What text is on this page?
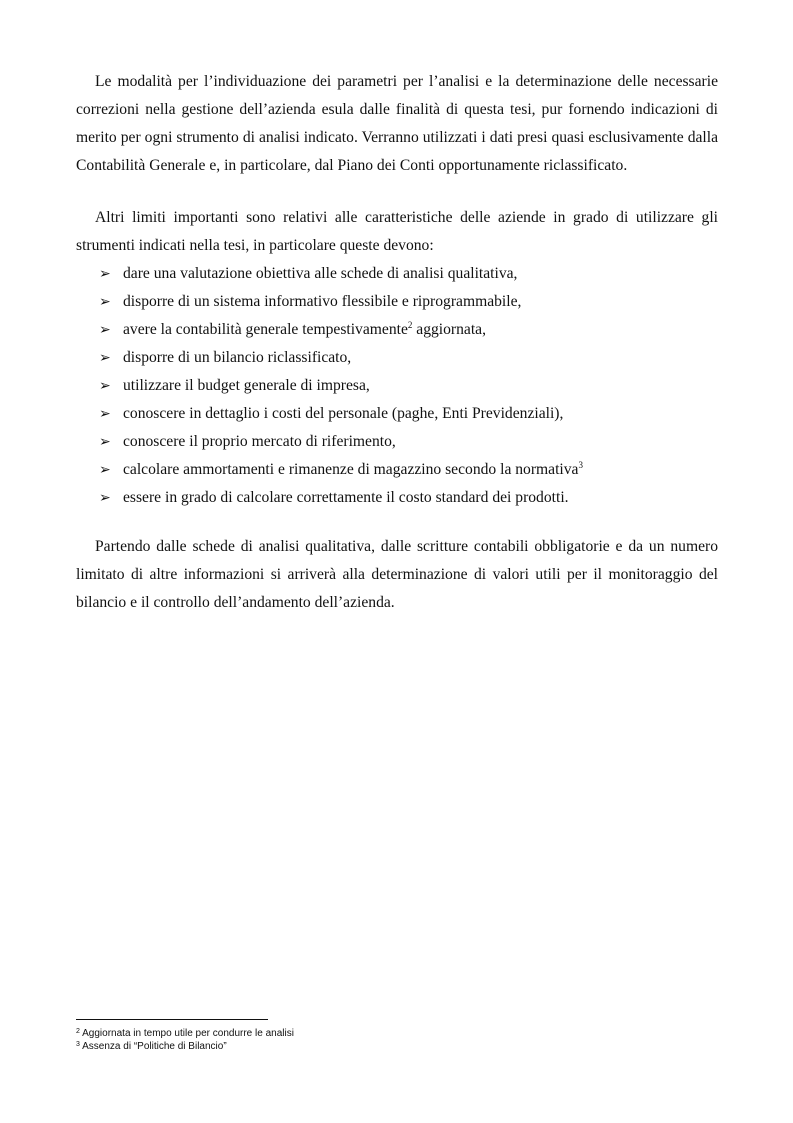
Le modalità per l’individuazione dei parametri per l’analisi e la determinazione delle necessarie correzioni nella gestione dell’azienda esula dalle finalità di questa tesi, pur fornendo indicazioni di merito per ogni strumento di analisi indicato. Verranno utilizzati i dati presi quasi esclusivamente dalla Contabilità Generale e, in particolare, dal Piano dei Conti opportunamente riclassificato.

Altri limiti importanti sono relativi alle caratteristiche delle aziende in grado di utilizzare gli strumenti indicati nella tesi, in particolare queste devono:

➢ dare una valutazione obiettiva alle schede di analisi qualitativa,
➢ disporre di un sistema informativo flessibile e riprogrammabile,
➢ avere la contabilità generale tempestivamente$^2$ aggiornata,
➢ disporre di un bilancio riclassificato,
➢ utilizzare il budget generale di impresa,
➢ conoscere in dettaglio i costi del personale (paghe, Enti Previdenziali),
➢ conoscere il proprio mercato di riferimento,
➢ calcolare ammortamenti e rimanenze di magazzino secondo la normativa$^3$
➢ essere in grado di calcolare correttamente il costo standard dei prodotti.

Partendo dalle schede di analisi qualitativa, dalle scritture contabili obbligatorie e da un numero limitato di altre informazioni si arriverà alla determinazione di valori utili per il monitoraggio del bilancio e il controllo dell’andamento dell’azienda.

$^2$ Aggiornata in tempo utile per condurre le analisi
$^3$ Assenza di “Politiche di Bilancio”
